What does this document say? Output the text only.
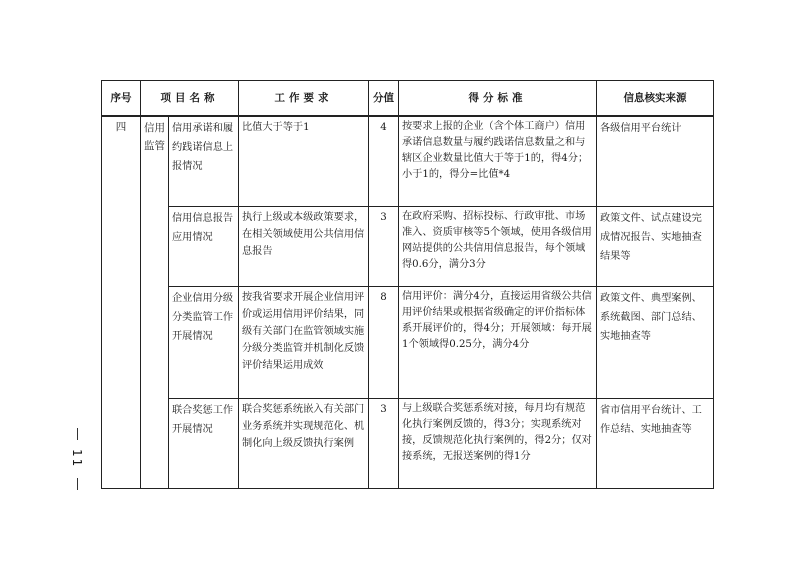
11
序号	项目名称		工作要求	分值	得分标准	信息核实来源
四	信用监管	信用承诺和履约践诺信息上报情况	比值大于等于1	4	按要求上报的企业（含个体工商户）信用承诺信息数量与履约践诺信息数量之和与辖区企业数量比值大于等于1的，得4分；小于1的，得分=比值*4	各级信用平台统计

		信用信息报告应用情况	执行上级或本级政策要求，在相关领域使用公共信用信息报告	3	在政府采购、招标投标、行政审批、市场准入、资质审核等5个领域，使用各级信用网站提供的公共信用信息报告，每个领域得0.6分，满分3分	政策文件、试点建设完成情况报告、实地抽查结果等

		企业信用分级分类监管工作开展情况	按我省要求开展企业信用评价或运用信用评价结果，同级有关部门在监管领域实施分级分类监管并机制化反馈评价结果运用成效	8	信用评价：满分4分，直接运用省级公共信用评价结果或根据省级确定的评价指标体系开展评价的，得4分；开展领域：每开展1个领域得0.25分，满分4分	政策文件、典型案例、系统截图、部门总结、实地抽查等

		联合奖惩工作开展情况	联合奖惩系统嵌入有关部门业务系统并实现规范化、机制化向上级反馈执行案例	3	与上级联合奖惩系统对接，每月均有规范化执行案例反馈的，得3分；实现系统对接，反馈规范化执行案例的，得2分；仅对接系统，无报送案例的得1分	省市信用平台统计、工作总结、实地抽查等
